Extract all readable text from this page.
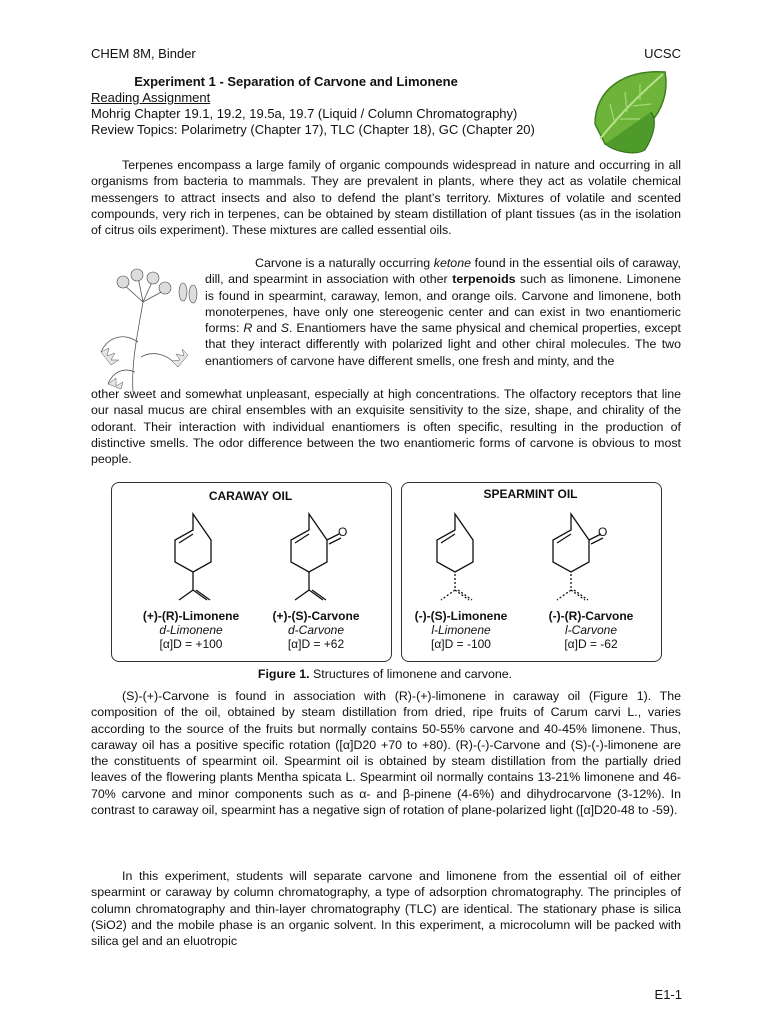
CHEM 8M, Binder	UCSC
Experiment 1 - Separation of Carvone and Limonene
Reading Assignment
Mohrig Chapter 19.1, 19.2, 19.5a, 19.7 (Liquid / Column Chromatography)
Review Topics: Polarimetry (Chapter 17), TLC (Chapter 18), GC (Chapter 20)
Terpenes encompass a large family of organic compounds widespread in nature and occurring in all organisms from bacteria to mammals. They are prevalent in plants, where they act as volatile chemical messengers to attract insects and also to defend the plant’s territory. Mixtures of volatile and scented compounds, very rich in terpenes, can be obtained by steam distillation of plant tissues (as in the isolation of citrus oils experiment). These mixtures are called essential oils.
Carvone is a naturally occurring ketone found in the essential oils of caraway, dill, and spearmint in association with other terpenoids such as limonene. Limonene is found in spearmint, caraway, lemon, and orange oils. Carvone and limonene, both monoterpenes, have only one stereogenic center and can exist in two enantiomeric forms: R and S. Enantiomers have the same physical and chemical properties, except that they interact differently with polarized light and other chiral molecules. The two enantiomers of carvone have different smells, one fresh and minty, and the
other sweet and somewhat unpleasant, especially at high concentrations. The olfactory receptors that line our nasal mucus are chiral ensembles with an exquisite sensitivity to the size, shape, and chirality of the odorant. Their interaction with individual enantiomers is often specific, resulting in the production of distinctive smells. The odor difference between the two enantiomeric forms of carvone is obvious to most people.
CARAWAY OIL	SPEARMINT OIL
O	O
(+)-(R)-Limonene
d-Limonene
[α]D = +100
(+)-(S)-Carvone
d-Carvone
[α]D = +62
(-)-(S)-Limonene
l-Limonene
[α]D = -100
(-)-(R)-Carvone
l-Carvone
[α]D = -62
Figure 1. Structures of limonene and carvone.
(S)-(+)-Carvone is found in association with (R)-(+)-limonene in caraway oil (Figure 1). The composition of the oil, obtained by steam distillation from dried, ripe fruits of Carum carvi L., varies according to the source of the fruits but normally contains 50-55% carvone and 40-45% limonene. Thus, caraway oil has a positive specific rotation ([α]D20 +70 to +80). (R)-(-)-Carvone and (S)-(-)-limonene are the constituents of spearmint oil. Spearmint oil is obtained by steam distillation from the partially dried leaves of the flowering plants Mentha spicata L. Spearmint oil normally contains 13-21% limonene and 46-70% carvone and minor components such as α- and β-pinene (4-6%) and dihydrocarvone (3-12%). In contrast to caraway oil, spearmint has a negative sign of rotation of plane-polarized light ([α]D20-48 to -59).
In this experiment, students will separate carvone and limonene from the essential oil of either spearmint or caraway by column chromatography, a type of adsorption chromatography. The principles of column chromatography and thin-layer chromatography (TLC) are identical. The stationary phase is silica (SiO2) and the mobile phase is an organic solvent. In this experiment, a microcolumn will be packed with silica gel and an eluotropic
E1-1
